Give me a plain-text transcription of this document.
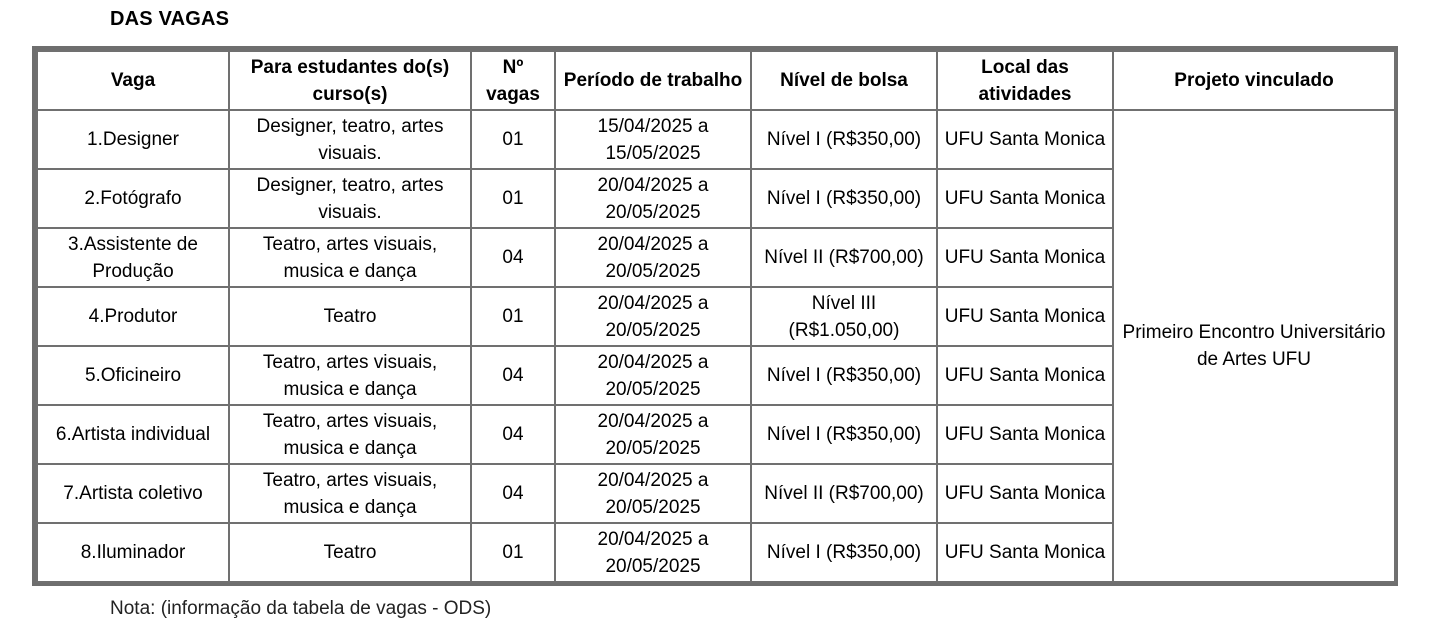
DAS VAGAS
Vaga	Para estudantes do(s) curso(s)	Nº vagas	Período de trabalho	Nível de bolsa	Local das atividades	Projeto vinculado
1.Designer	Designer, teatro, artes visuais.	01	15/04/2025 a 15/05/2025	Nível I (R$350,00)	UFU Santa Monica	Primeiro Encontro Universitário de Artes UFU
2.Fotógrafo	Designer, teatro, artes visuais.	01	20/04/2025 a 20/05/2025	Nível I (R$350,00)	UFU Santa Monica	
3.Assistente de Produção	Teatro, artes visuais, musica e dança	04	20/04/2025 a 20/05/2025	Nível II (R$700,00)	UFU Santa Monica	
4.Produtor	Teatro	01	20/04/2025 a 20/05/2025	Nível III (R$1.050,00)	UFU Santa Monica	
5.Oficineiro	Teatro, artes visuais, musica e dança	04	20/04/2025 a 20/05/2025	Nível I (R$350,00)	UFU Santa Monica	
6.Artista individual	Teatro, artes visuais, musica e dança	04	20/04/2025 a 20/05/2025	Nível I (R$350,00)	UFU Santa Monica	
7.Artista coletivo	Teatro, artes visuais, musica e dança	04	20/04/2025 a 20/05/2025	Nível II (R$700,00)	UFU Santa Monica	
8.Iluminador	Teatro	01	20/04/2025 a 20/05/2025	Nível I (R$350,00)	UFU Santa Monica	
Nota: (informação da tabela de vagas - ODS)
